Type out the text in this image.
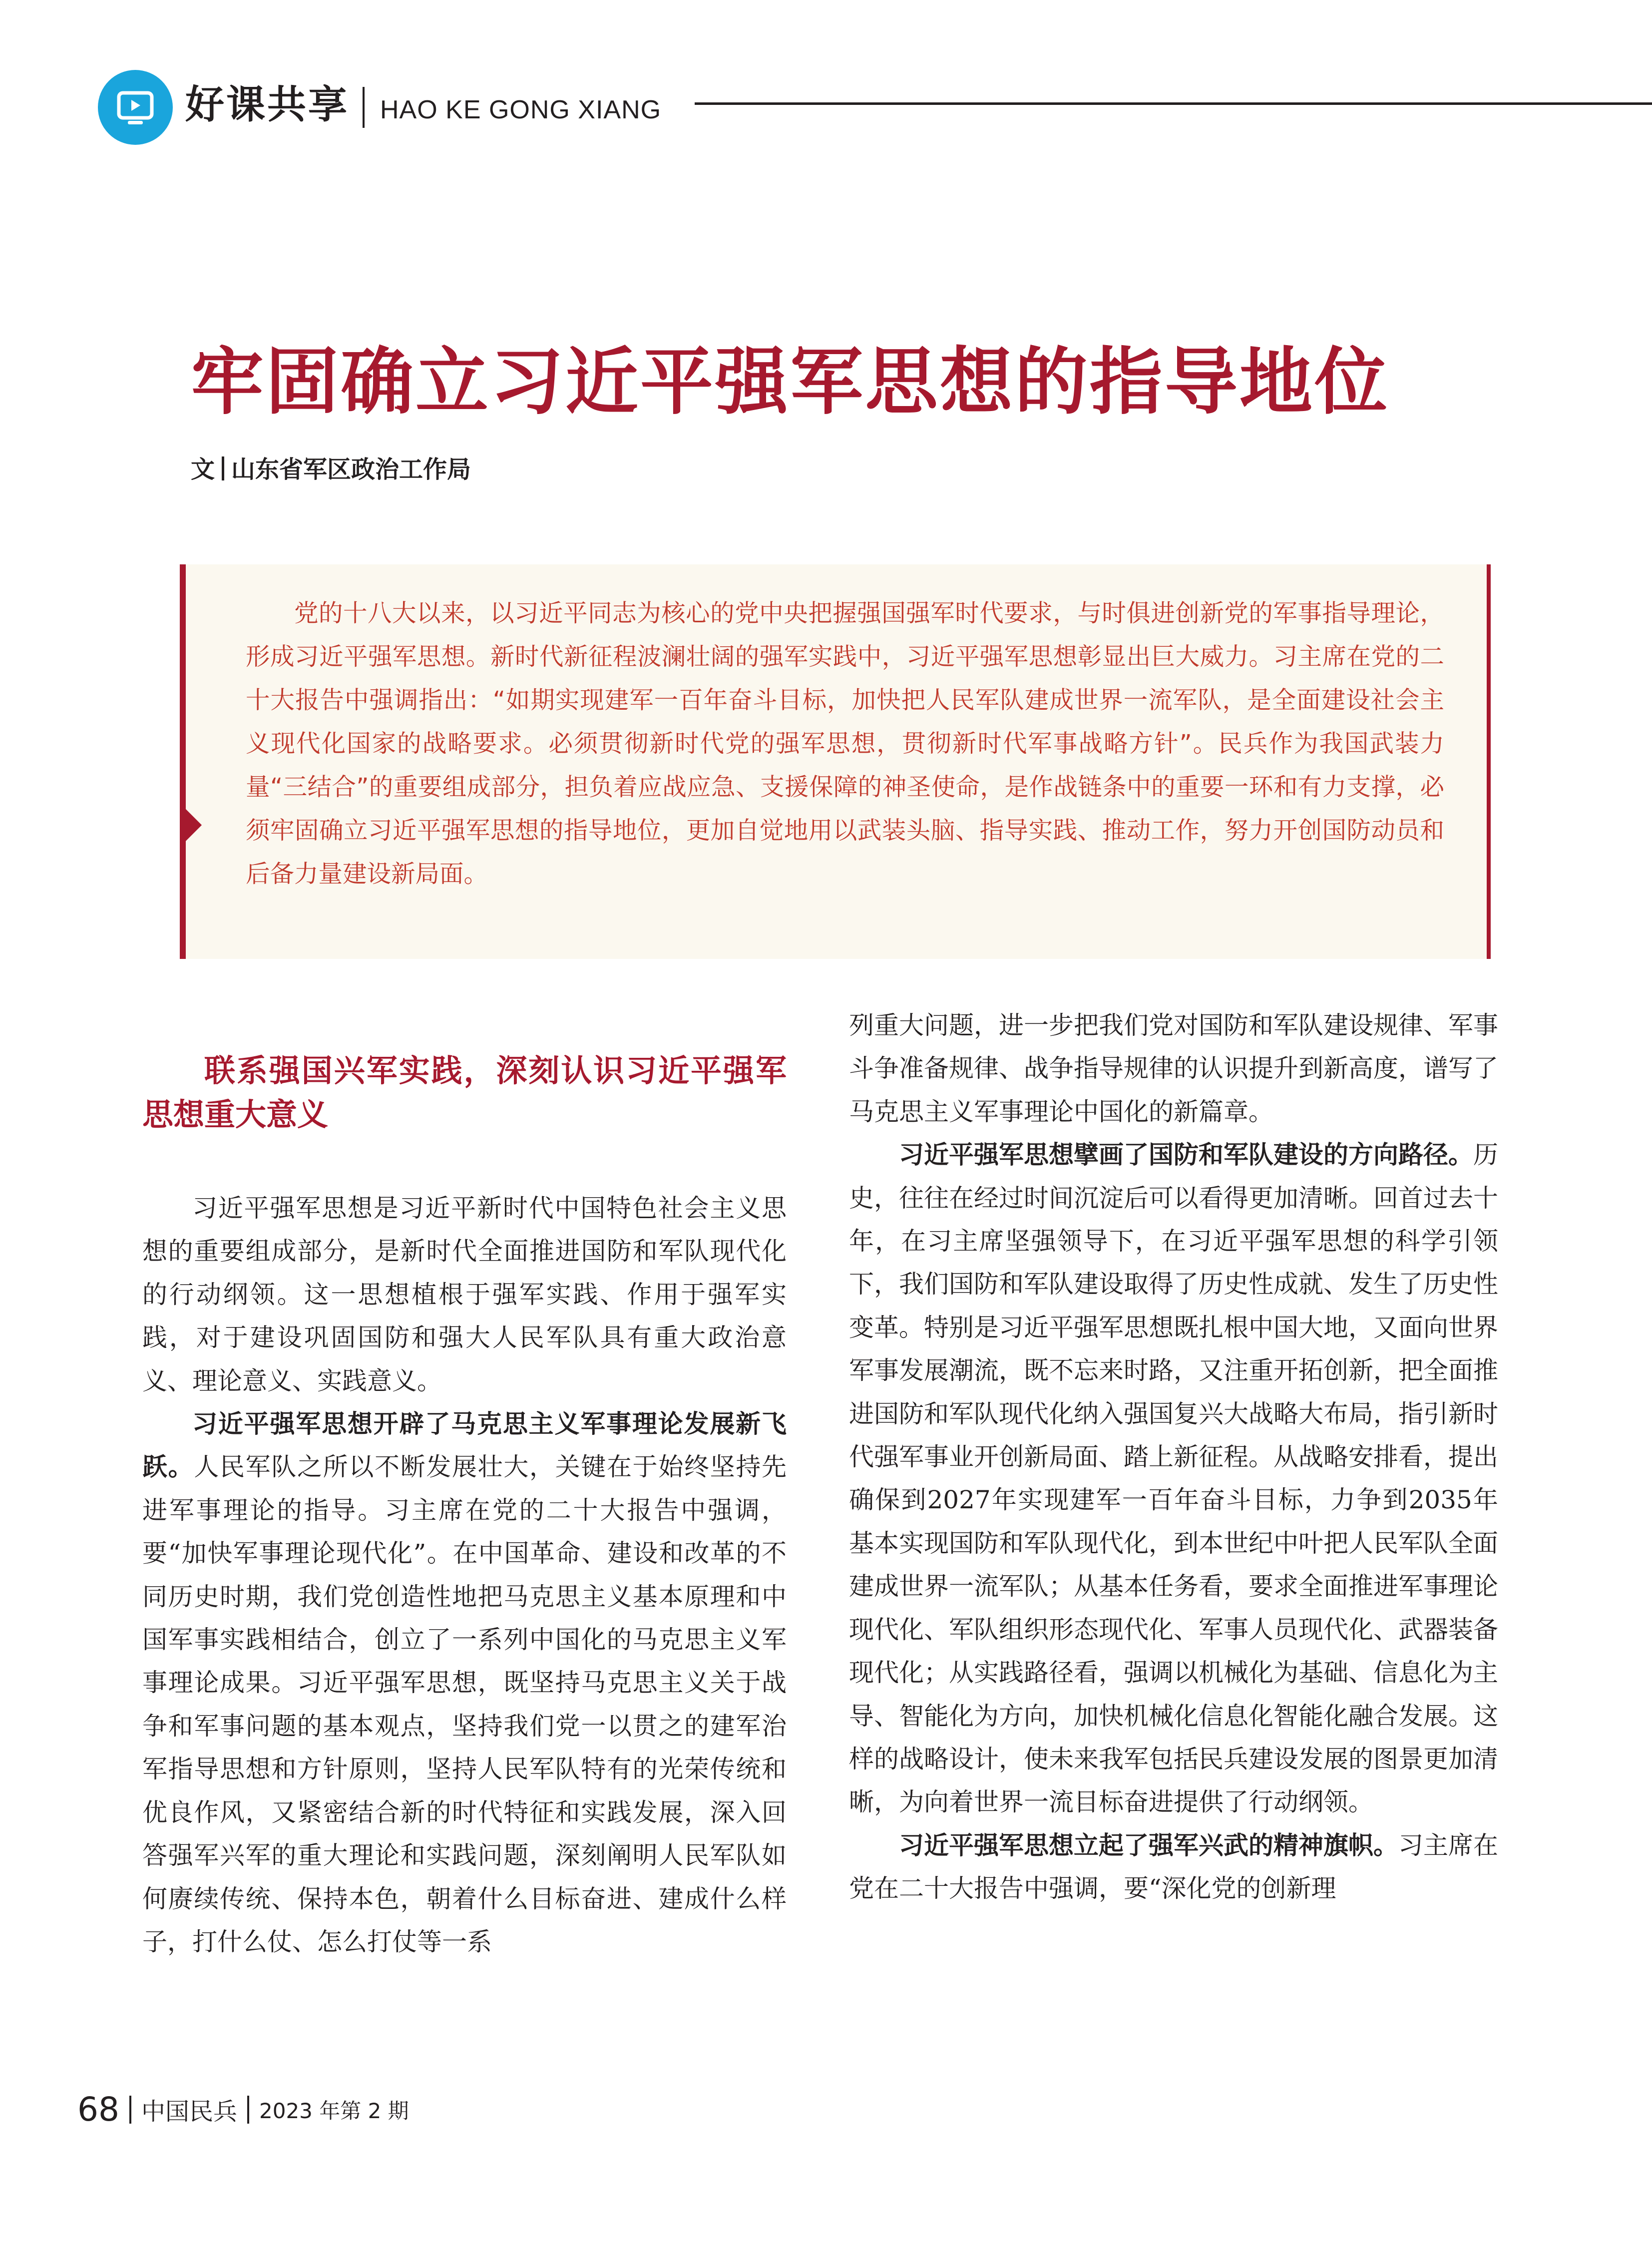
好课共享 HAO KE GONG XIANG
牢固确立习近平强军思想的指导地位
文 山东省军区政治工作局
党的十八大以来，以习近平同志为核心的党中央把握强国强军时代要求，与时俱进创新党的军事指导理论，形成习近平强军思想。新时代新征程波澜壮阔的强军实践中，习近平强军思想彰显出巨大威力。习主席在党的二十大报告中强调指出：“如期实现建军一百年奋斗目标，加快把人民军队建成世界一流军队，是全面建设社会主义现代化国家的战略要求。必须贯彻新时代党的强军思想，贯彻新时代军事战略方针”。民兵作为我国武装力量“三结合”的重要组成部分，担负着应战应急、支援保障的神圣使命，是作战链条中的重要一环和有力支撑，必须牢固确立习近平强军思想的指导地位，更加自觉地用以武装头脑、指导实践、推动工作，努力开创国防动员和后备力量建设新局面。
联系强国兴军实践，深刻认识习近平强军思想重大意义

习近平强军思想是习近平新时代中国特色社会主义思想的重要组成部分，是新时代全面推进国防和军队现代化的行动纲领。这一思想植根于强军实践、作用于强军实践，对于建设巩固国防和强大人民军队具有重大政治意义、理论意义、实践意义。

习近平强军思想开辟了马克思主义军事理论发展新飞跃。人民军队之所以不断发展壮大，关键在于始终坚持先进军事理论的指导。习主席在党的二十大报告中强调，要“加快军事理论现代化”。在中国革命、建设和改革的不同历史时期，我们党创造性地把马克思主义基本原理和中国军事实践相结合，创立了一系列中国化的马克思主义军事理论成果。习近平强军思想，既坚持马克思主义关于战争和军事问题的基本观点，坚持我们党一以贯之的建军治军指导思想和方针原则，坚持人民军队特有的光荣传统和优良作风，又紧密结合新的时代特征和实践发展，深入回答强军兴军的重大理论和实践问题，深刻阐明人民军队如何赓续传统、保持本色，朝着什么目标奋进、建成什么样子，打什么仗、怎么打仗等一系

列重大问题，进一步把我们党对国防和军队建设规律、军事斗争准备规律、战争指导规律的认识提升到新高度，谱写了马克思主义军事理论中国化的新篇章。

习近平强军思想擘画了国防和军队建设的方向路径。历史，往往在经过时间沉淀后可以看得更加清晰。回首过去十年，在习主席坚强领导下，在习近平强军思想的科学引领下，我们国防和军队建设取得了历史性成就、发生了历史性变革。特别是习近平强军思想既扎根中国大地，又面向世界军事发展潮流，既不忘来时路，又注重开拓创新，把全面推进国防和军队现代化纳入强国复兴大战略大布局，指引新时代强军事业开创新局面、踏上新征程。从战略安排看，提出确保到2027年实现建军一百年奋斗目标，力争到2035年基本实现国防和军队现代化，到本世纪中叶把人民军队全面建成世界一流军队；从基本任务看，要求全面推进军事理论现代化、军队组织形态现代化、军事人员现代化、武器装备现代化；从实践路径看，强调以机械化为基础、信息化为主导、智能化为方向，加快机械化信息化智能化融合发展。这样的战略设计，使未来我军包括民兵建设发展的图景更加清晰，为向着世界一流目标奋进提供了行动纲领。

习近平强军思想立起了强军兴武的精神旗帜。习主席在党在二十大报告中强调，要“深化党的创新理

68 中国民兵 2023 年第 2 期
